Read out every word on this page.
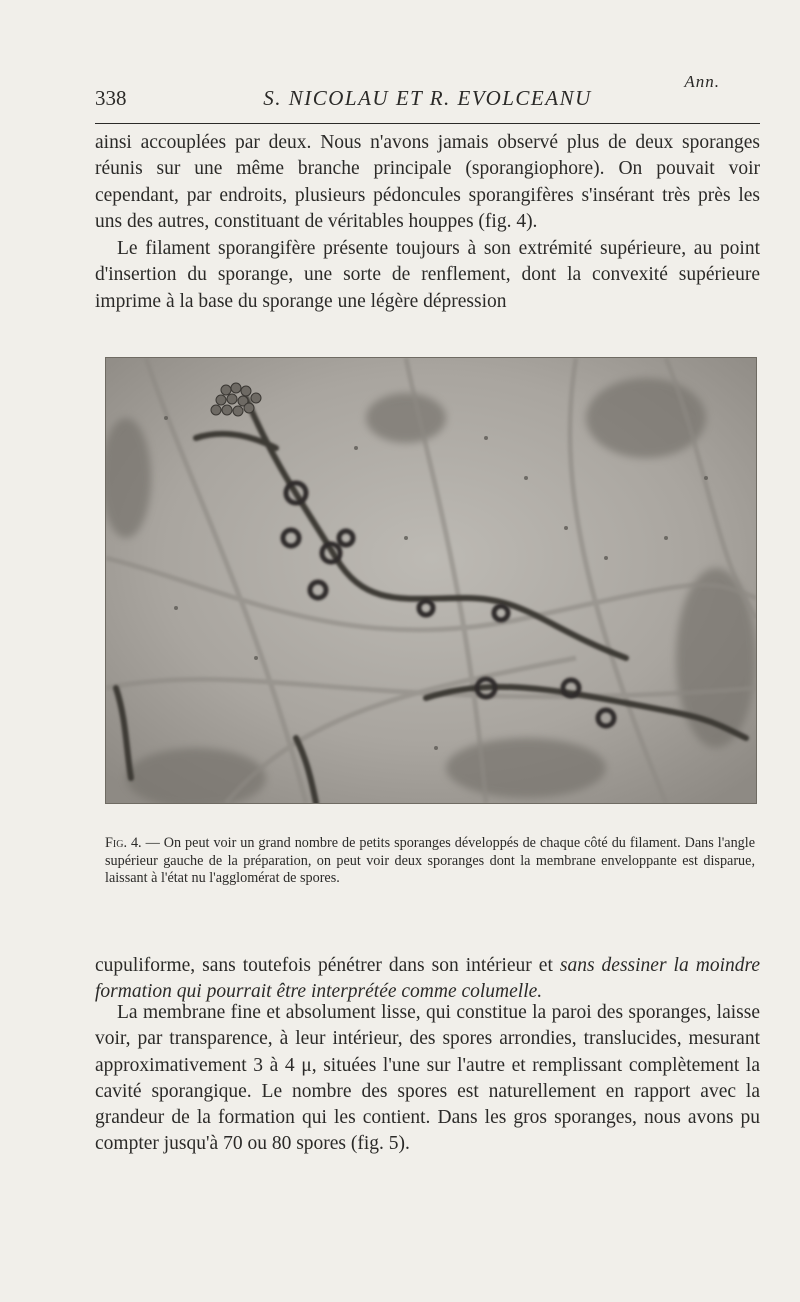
Ann.
338	S. NICOLAU ET R. EVOLCEANU

ainsi accouplées par deux. Nous n'avons jamais observé plus de deux sporanges réunis sur une même branche principale (sporangiophore). On pouvait voir cependant, par endroits, plusieurs pédoncules sporangifères s'insérant très près les uns des autres, constituant de véritables houppes (fig. 4).

Le filament sporangifère présente toujours à son extrémité supérieure, au point d'insertion du sporange, une sorte de renflement, dont la convexité supérieure imprime à la base du sporange une légère dépression

Fig. 4. — On peut voir un grand nombre de petits sporanges développés de chaque côté du filament. Dans l'angle supérieur gauche de la préparation, on peut voir deux sporanges dont la membrane enveloppante est disparue, laissant à l'état nu l'agglomérat de spores.

cupuliforme, sans toutefois pénétrer dans son intérieur et sans dessiner la moindre formation qui pourrait être interprétée comme columelle.

La membrane fine et absolument lisse, qui constitue la paroi des sporanges, laisse voir, par transparence, à leur intérieur, des spores arrondies, translucides, mesurant approximativement 3 à 4 μ, situées l'une sur l'autre et remplissant complètement la cavité sporangique. Le nombre des spores est naturellement en rapport avec la grandeur de la formation qui les contient. Dans les gros sporanges, nous avons pu compter jusqu'à 70 ou 80 spores (fig. 5).
